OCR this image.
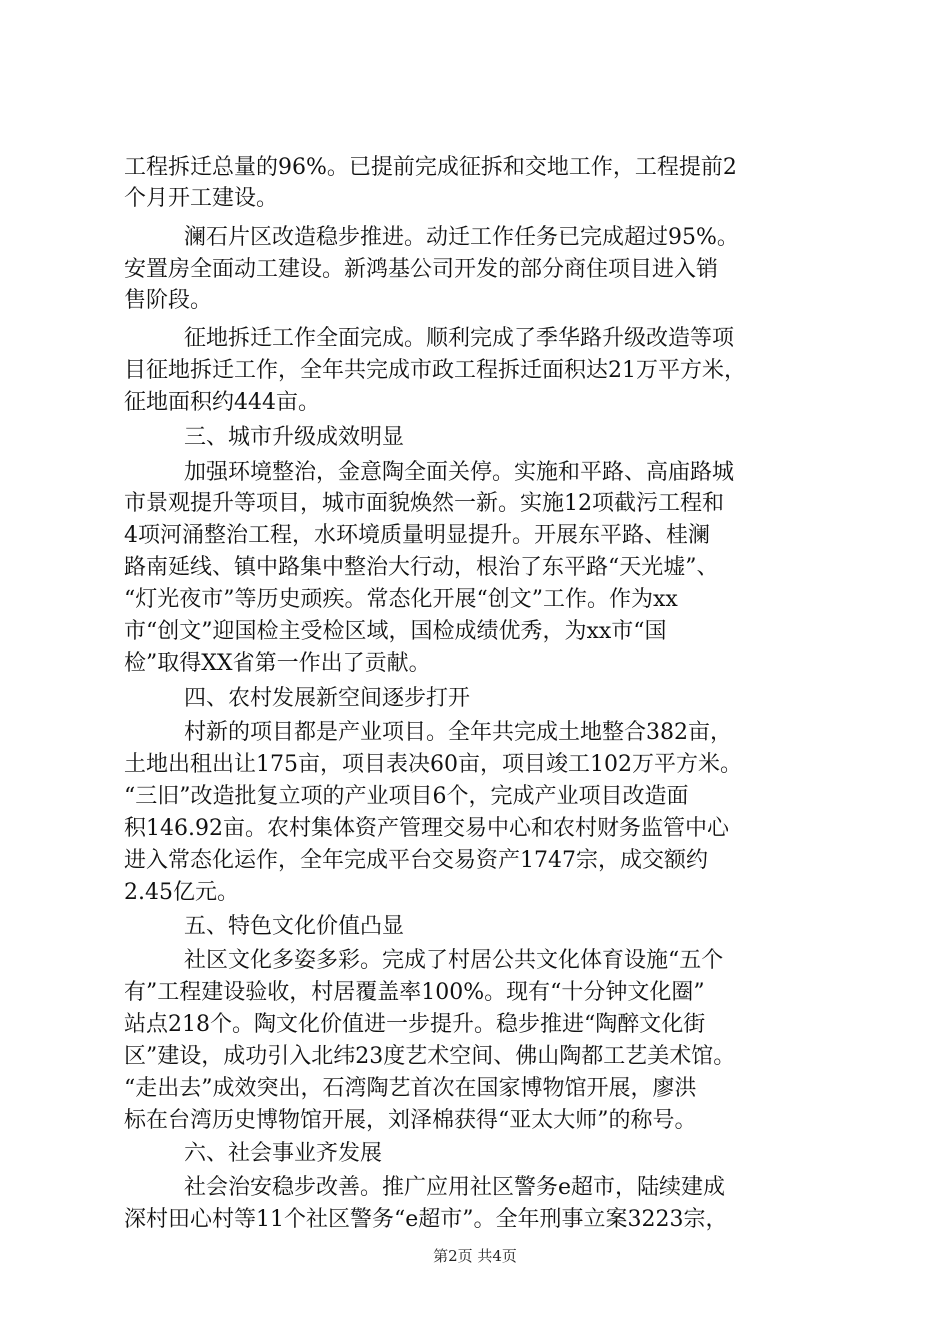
工程拆迁总量的96%。已提前完成征拆和交地工作，工程提前2
个月开工建设。
澜石片区改造稳步推进。动迁工作任务已完成超过95%。
安置房全面动工建设。新鸿基公司开发的部分商住项目进入销
售阶段。
征地拆迁工作全面完成。顺利完成了季华路升级改造等项
目征地拆迁工作，全年共完成市政工程拆迁面积达21万平方米，
征地面积约444亩。
三、城市升级成效明显
加强环境整治，金意陶全面关停。实施和平路、高庙路城
市景观提升等项目，城市面貌焕然一新。实施12项截污工程和
4项河涌整治工程，水环境质量明显提升。开展东平路、桂澜
路南延线、镇中路集中整治大行动，根治了东平路“天光墟”、
“灯光夜市”等历史顽疾。常态化开展“创文”工作。作为xx
市“创文”迎国检主受检区域，国检成绩优秀，为xx市“国
检”取得XX省第一作出了贡献。
四、农村发展新空间逐步打开
村新的项目都是产业项目。全年共完成土地整合382亩，
土地出租出让175亩，项目表决60亩，项目竣工102万平方米。
“三旧”改造批复立项的产业项目6个，完成产业项目改造面
积146.92亩。农村集体资产管理交易中心和农村财务监管中心
进入常态化运作，全年完成平台交易资产1747宗，成交额约
2.45亿元。
五、特色文化价值凸显
社区文化多姿多彩。完成了村居公共文化体育设施“五个
有”工程建设验收，村居覆盖率100%。现有“十分钟文化圈”
站点218个。陶文化价值进一步提升。稳步推进“陶醉文化街
区”建设，成功引入北纬23度艺术空间、佛山陶都工艺美术馆。
“走出去”成效突出，石湾陶艺首次在国家博物馆开展，廖洪
标在台湾历史博物馆开展，刘泽棉获得“亚太大师”的称号。
第2页 共4页
六、社会事业齐发展
社会治安稳步改善。推广应用社区警务e超市，陆续建成
深村田心村等11个社区警务“e超市”。全年刑事立案3223宗，
